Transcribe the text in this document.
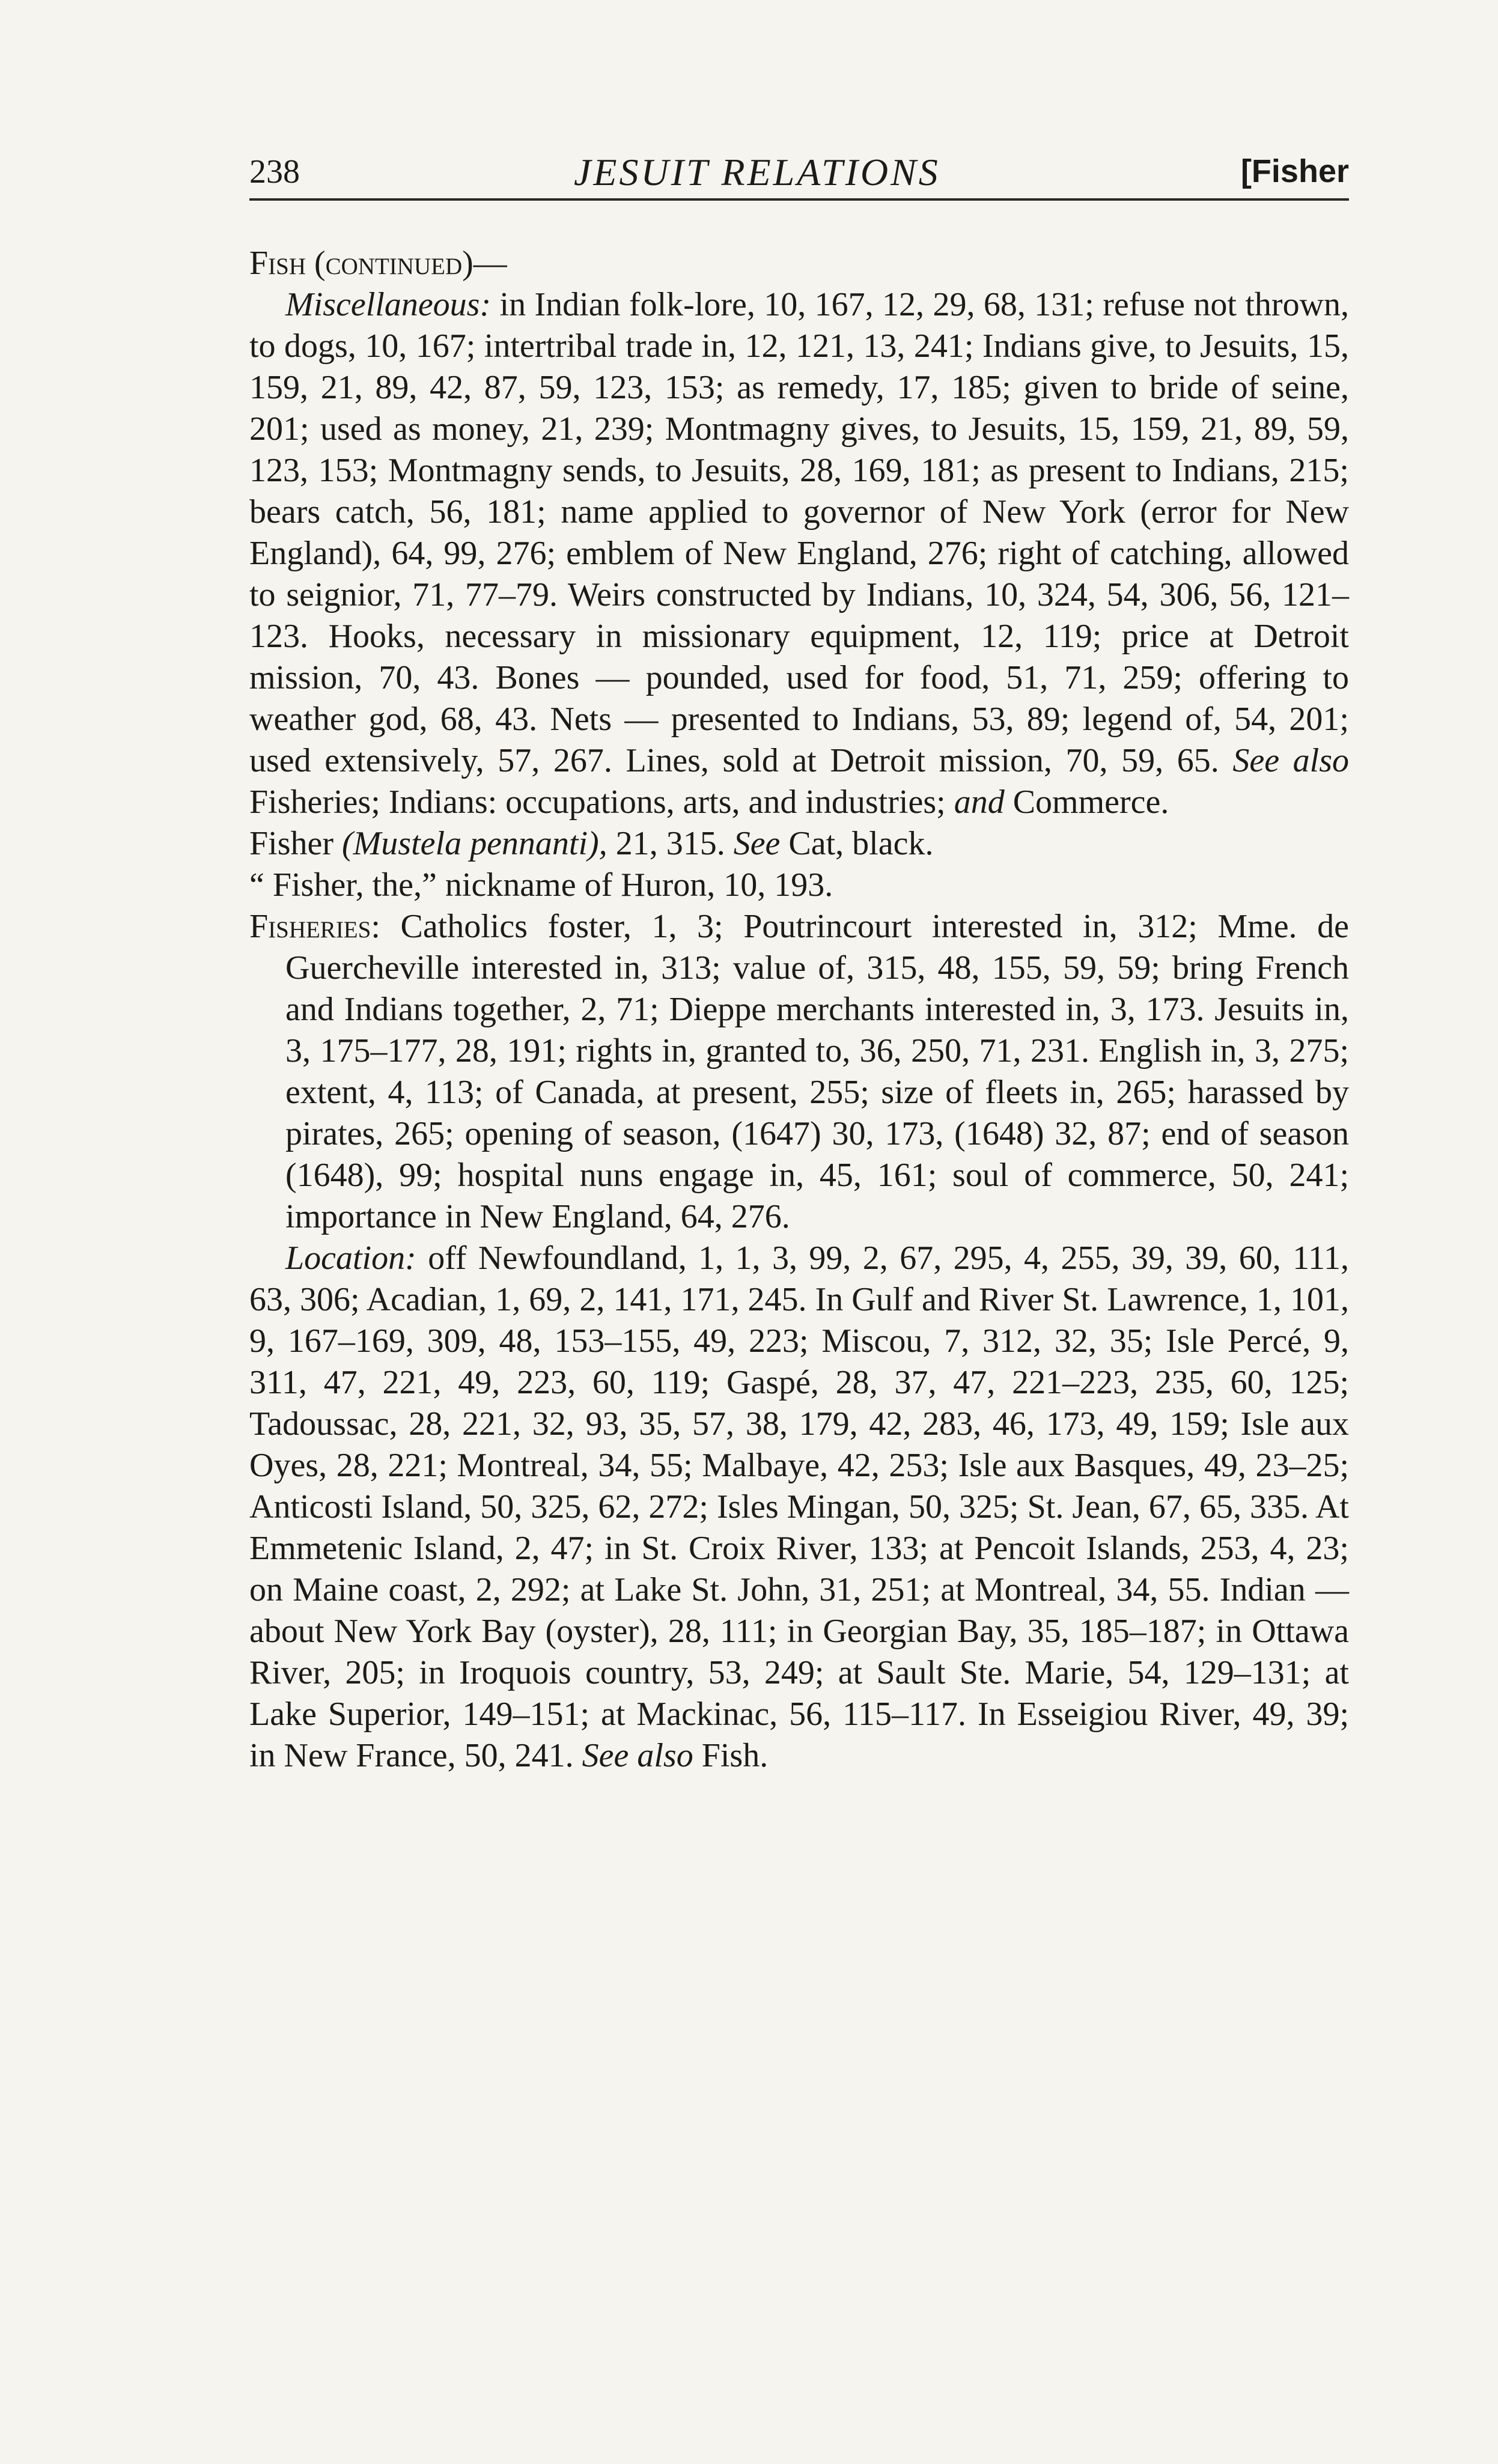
238	JESUIT RELATIONS	[Fisher

Fish (continued)—

Miscellaneous: in Indian folk-lore, 10, 167, 12, 29, 68, 131; refuse not thrown, to dogs, 10, 167; intertribal trade in, 12, 121, 13, 241; Indians give, to Jesuits, 15, 159, 21, 89, 42, 87, 59, 123, 153; as remedy, 17, 185; given to bride of seine, 201; used as money, 21, 239; Montmagny gives, to Jesuits, 15, 159, 21, 89, 59, 123, 153; Montmagny sends, to Jesuits, 28, 169, 181; as present to Indians, 215; bears catch, 56, 181; name applied to governor of New York (error for New England), 64, 99, 276; emblem of New England, 276; right of catching, allowed to seignior, 71, 77–79. Weirs constructed by Indians, 10, 324, 54, 306, 56, 121–123. Hooks, necessary in missionary equipment, 12, 119; price at Detroit mission, 70, 43. Bones — pounded, used for food, 51, 71, 259; offering to weather god, 68, 43. Nets — presented to Indians, 53, 89; legend of, 54, 201; used extensively, 57, 267. Lines, sold at Detroit mission, 70, 59, 65. See also Fisheries; Indians: occupations, arts, and industries; and Commerce.

Fisher (Mustela pennanti), 21, 315. See Cat, black.

“ Fisher, the,” nickname of Huron, 10, 193.

Fisheries: Catholics foster, 1, 3; Poutrincourt interested in, 312; Mme. de Guercheville interested in, 313; value of, 315, 48, 155, 59, 59; bring French and Indians together, 2, 71; Dieppe merchants interested in, 3, 173. Jesuits in, 3, 175–177, 28, 191; rights in, granted to, 36, 250, 71, 231. English in, 3, 275; extent, 4, 113; of Canada, at present, 255; size of fleets in, 265; harassed by pirates, 265; opening of season, (1647) 30, 173, (1648) 32, 87; end of season (1648), 99; hospital nuns engage in, 45, 161; soul of commerce, 50, 241; importance in New England, 64, 276.

Location: off Newfoundland, 1, 1, 3, 99, 2, 67, 295, 4, 255, 39, 39, 60, 111, 63, 306; Acadian, 1, 69, 2, 141, 171, 245. In Gulf and River St. Lawrence, 1, 101, 9, 167–169, 309, 48, 153–155, 49, 223; Miscou, 7, 312, 32, 35; Isle Percé, 9, 311, 47, 221, 49, 223, 60, 119; Gaspé, 28, 37, 47, 221–223, 235, 60, 125; Tadoussac, 28, 221, 32, 93, 35, 57, 38, 179, 42, 283, 46, 173, 49, 159; Isle aux Oyes, 28, 221; Montreal, 34, 55; Malbaye, 42, 253; Isle aux Basques, 49, 23–25; Anticosti Island, 50, 325, 62, 272; Isles Mingan, 50, 325; St. Jean, 67, 65, 335. At Emmetenic Island, 2, 47; in St. Croix River, 133; at Pencoit Islands, 253, 4, 23; on Maine coast, 2, 292; at Lake St. John, 31, 251; at Montreal, 34, 55. Indian — about New York Bay (oyster), 28, 111; in Georgian Bay, 35, 185–187; in Ottawa River, 205; in Iroquois country, 53, 249; at Sault Ste. Marie, 54, 129–131; at Lake Superior, 149–151; at Mackinac, 56, 115–117. In Esseigiou River, 49, 39; in New France, 50, 241. See also Fish.
